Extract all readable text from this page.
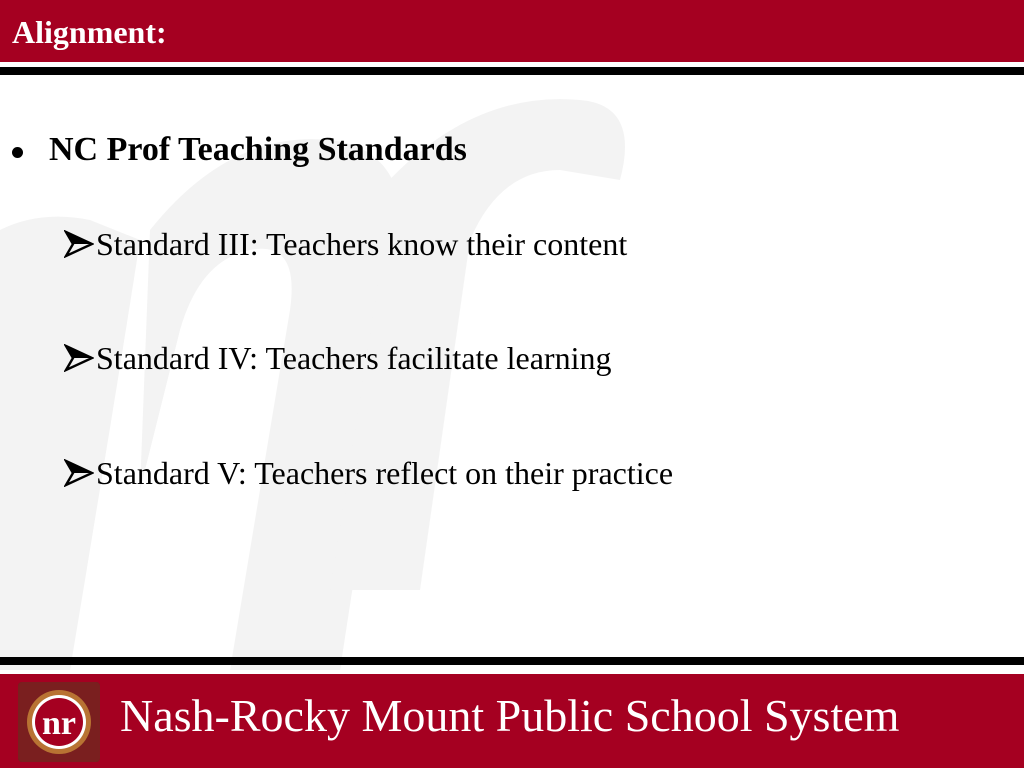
Alignment:
NC Prof Teaching Standards
Standard III: Teachers know their content
Standard IV: Teachers facilitate learning
Standard V: Teachers reflect on their practice
nr Nash-Rocky Mount Public School System
